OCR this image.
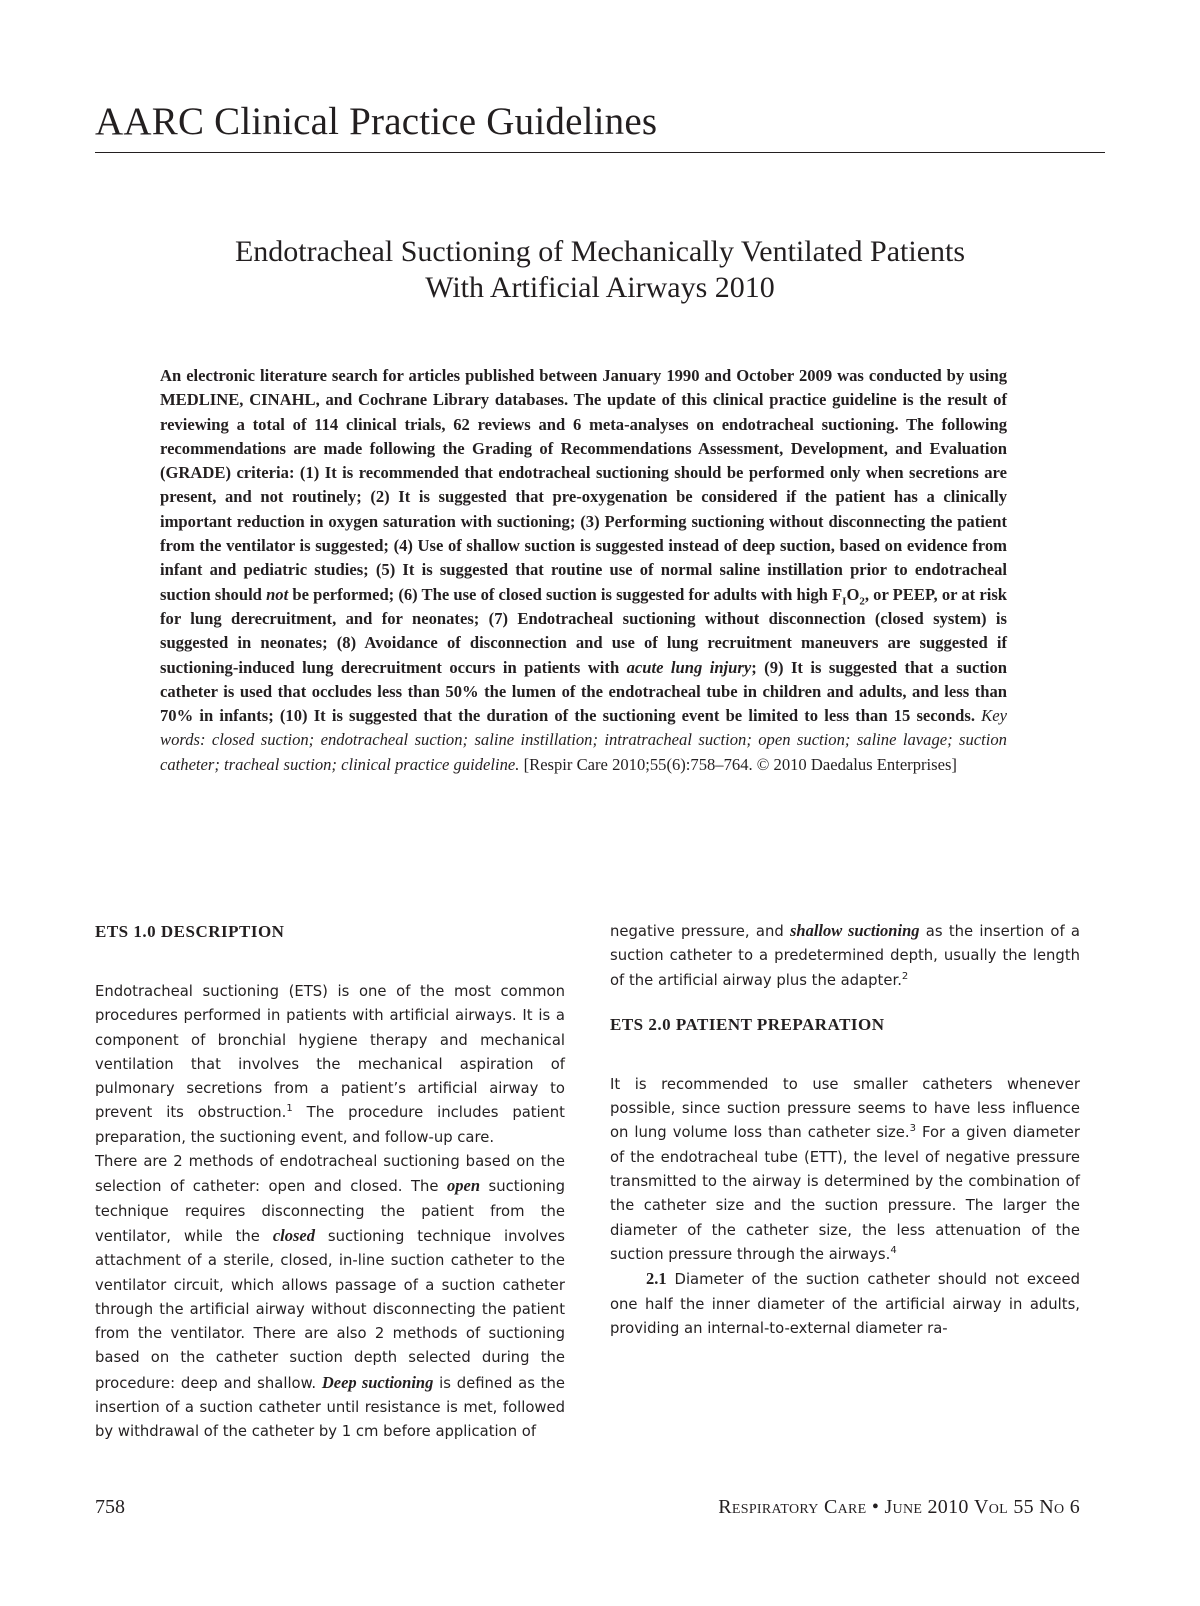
AARC Clinical Practice Guidelines
Endotracheal Suctioning of Mechanically Ventilated Patients
With Artificial Airways 2010

An electronic literature search for articles published between January 1990 and October 2009 was conducted by using MEDLINE, CINAHL, and Cochrane Library databases. The update of this clinical practice guideline is the result of reviewing a total of 114 clinical trials, 62 reviews and 6 meta-analyses on endotracheal suctioning. The following recommendations are made following the Grading of Recommendations Assessment, Development, and Evaluation (GRADE) criteria: (1) It is recommended that endotracheal suctioning should be performed only when secretions are present, and not routinely; (2) It is suggested that pre-oxygenation be considered if the patient has a clinically important reduction in oxygen saturation with suctioning; (3) Performing suctioning without disconnecting the patient from the ventilator is suggested; (4) Use of shallow suction is suggested instead of deep suction, based on evidence from infant and pediatric studies; (5) It is suggested that routine use of normal saline instillation prior to endotracheal suction should not be performed; (6) The use of closed suction is suggested for adults with high $F_IO_2$, or PEEP, or at risk for lung derecruitment, and for neonates; (7) Endotracheal suctioning without disconnection (closed system) is suggested in neonates; (8) Avoidance of disconnection and use of lung recruitment maneuvers are suggested if suctioning-induced lung derecruitment occurs in patients with acute lung injury; (9) It is suggested that a suction catheter is used that occludes less than 50% the lumen of the endotracheal tube in children and adults, and less than 70% in infants; (10) It is suggested that the duration of the suctioning event be limited to less than 15 seconds. Key words: closed suction; endotracheal suction; saline instillation; intratracheal suction; open suction; saline lavage; suction catheter; tracheal suction; clinical practice guideline. [Respir Care 2010;55(6):758–764. © 2010 Daedalus Enterprises]

ETS 1.0 DESCRIPTION

Endotracheal suctioning (ETS) is one of the most common procedures performed in patients with artificial airways. It is a component of bronchial hygiene therapy and mechanical ventilation that involves the mechanical aspiration of pulmonary secretions from a patient’s artificial airway to prevent its obstruction.$^1$ The procedure includes patient preparation, the suctioning event, and follow-up care.

There are 2 methods of endotracheal suctioning based on the selection of catheter: open and closed. The open suctioning technique requires disconnecting the patient from the ventilator, while the closed suctioning technique involves attachment of a sterile, closed, in-line suction catheter to the ventilator circuit, which allows passage of a suction catheter through the artificial airway without disconnecting the patient from the ventilator. There are also 2 methods of suctioning based on the catheter suction depth selected during the procedure: deep and shallow. Deep suctioning is defined as the insertion of a suction catheter until resistance is met, followed by withdrawal of the catheter by 1 cm before application of

negative pressure, and shallow suctioning as the insertion of a suction catheter to a predetermined depth, usually the length of the artificial airway plus the adapter.$^2$

ETS 2.0 PATIENT PREPARATION

It is recommended to use smaller catheters whenever possible, since suction pressure seems to have less influence on lung volume loss than catheter size.$^3$ For a given diameter of the endotracheal tube (ETT), the level of negative pressure transmitted to the airway is determined by the combination of the catheter size and the suction pressure. The larger the diameter of the catheter size, the less attenuation of the suction pressure through the airways.$^4$

2.1 Diameter of the suction catheter should not exceed one half the inner diameter of the artificial airway in adults, providing an internal-to-external diameter ra-

758	Respiratory Care • June 2010 Vol 55 No 6
